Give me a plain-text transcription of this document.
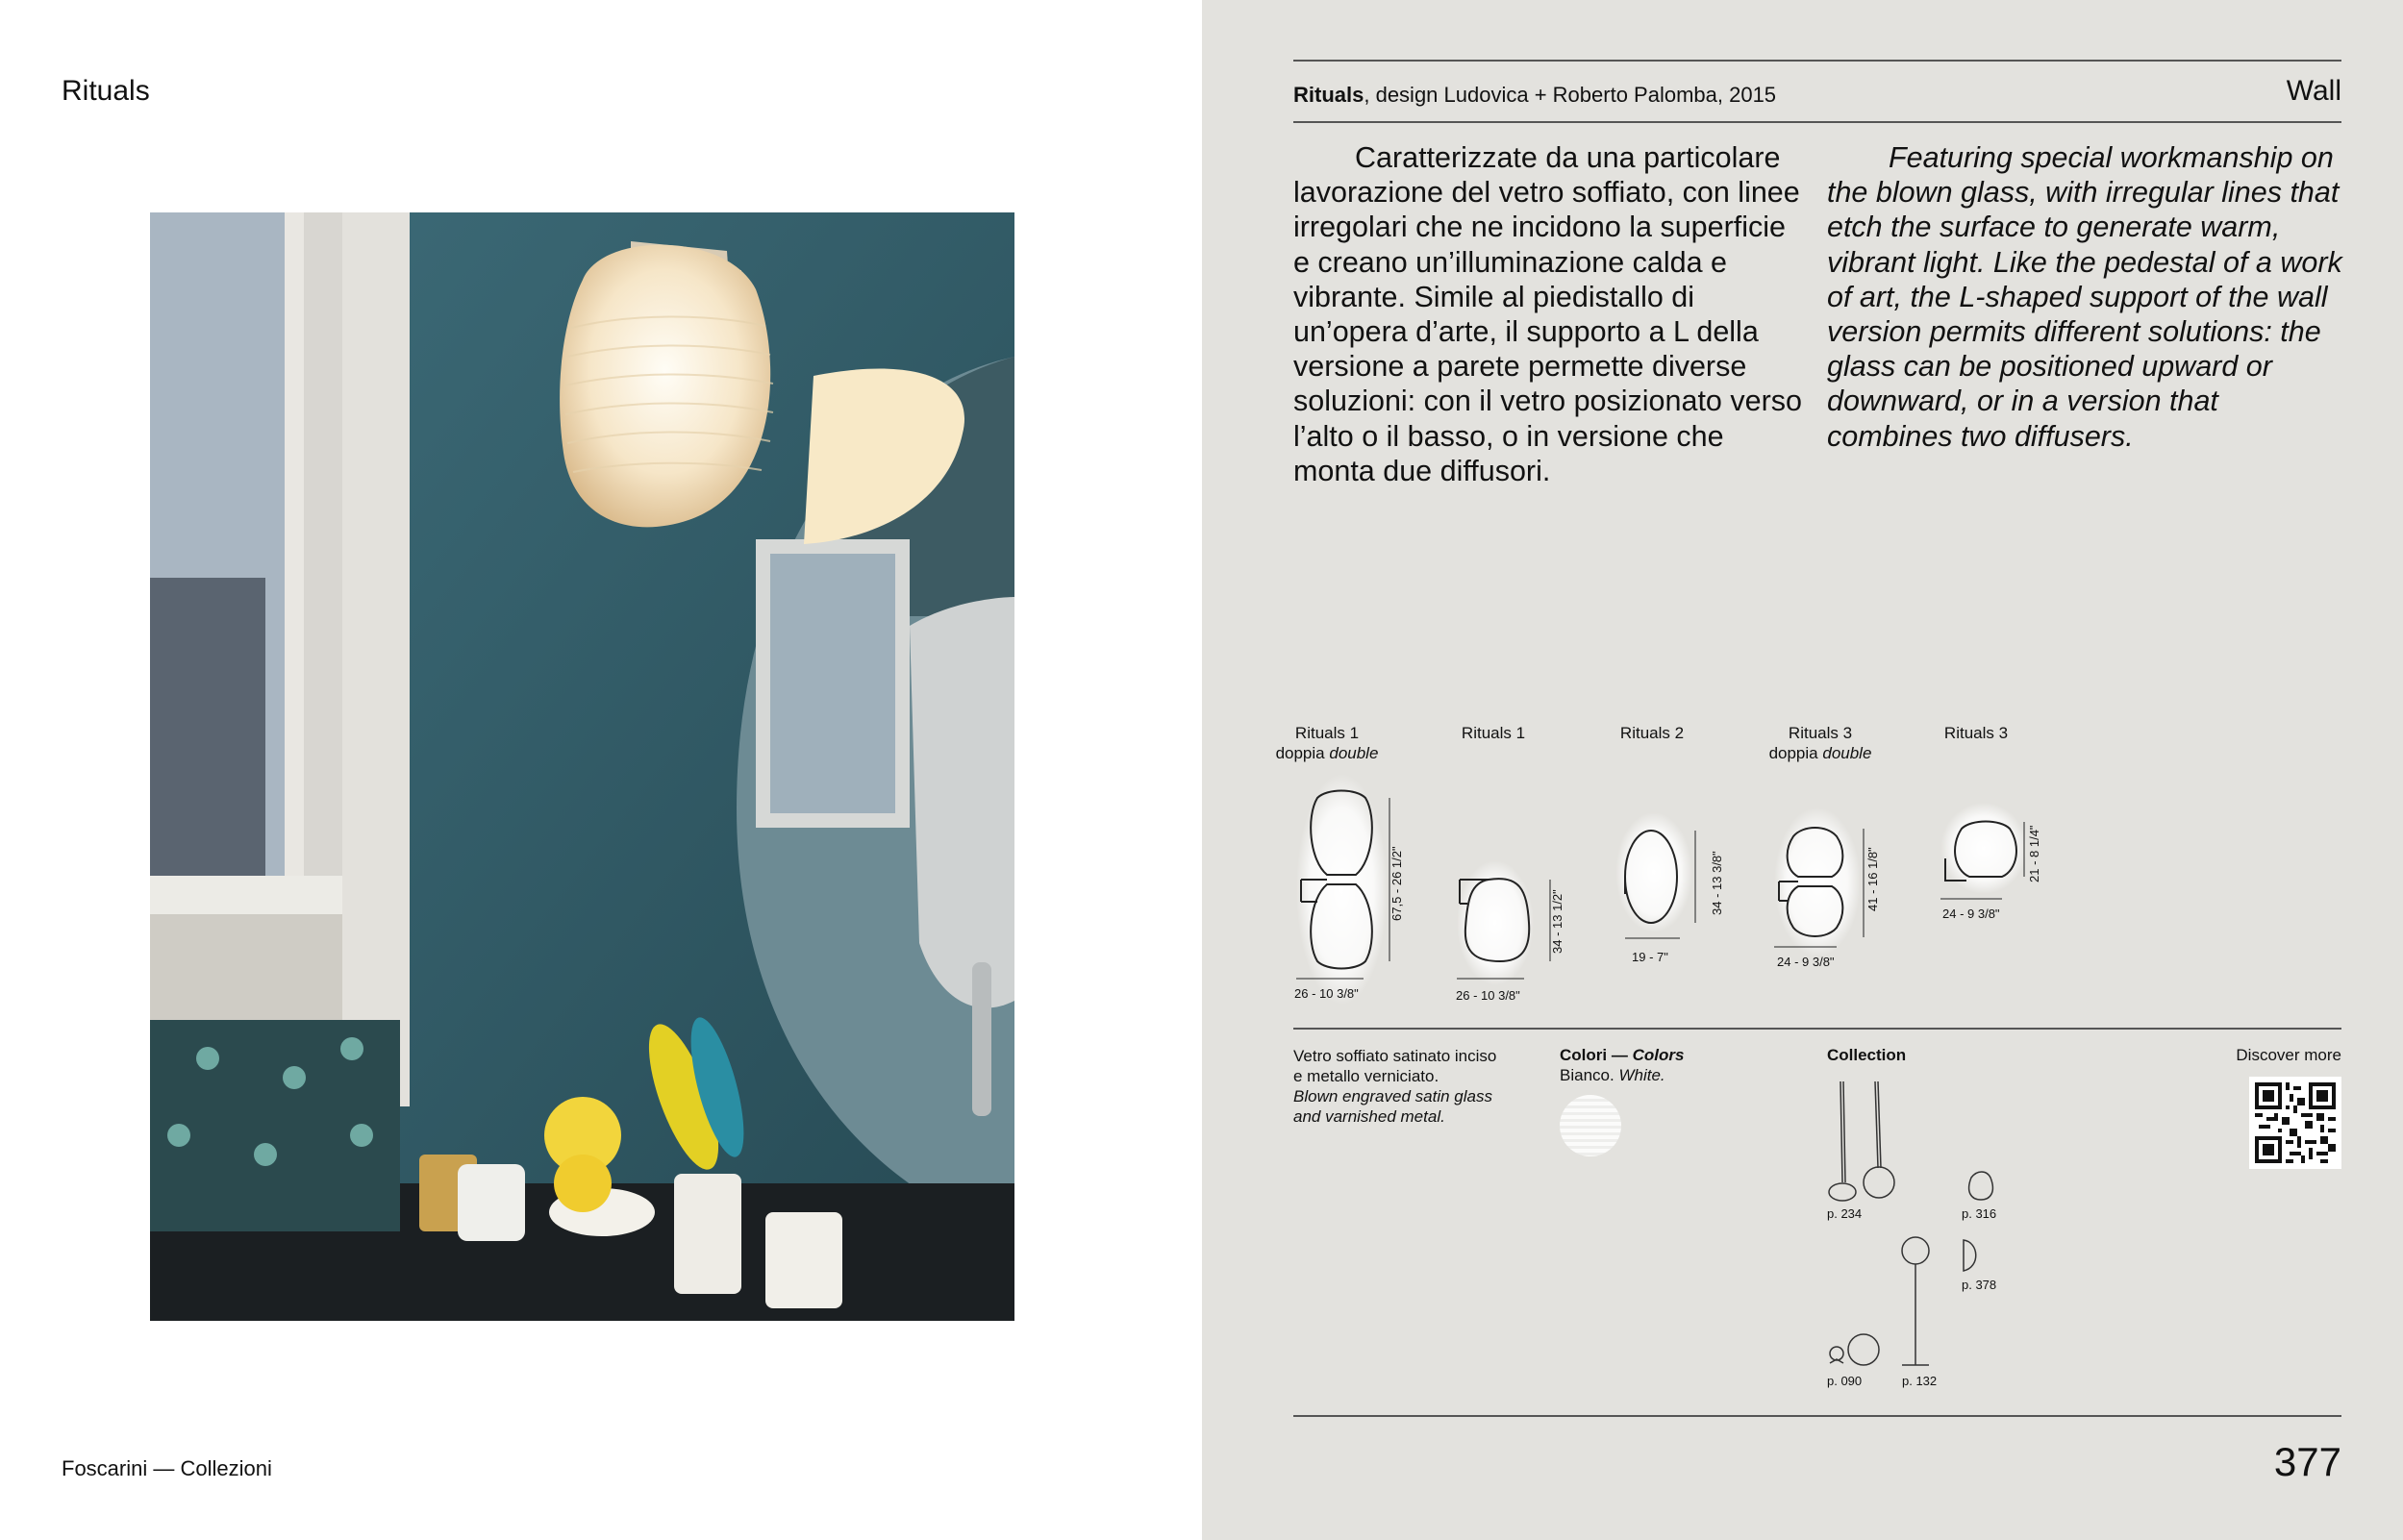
Rituals
Foscarini — Collezioni
Rituals, design Ludovica + Roberto Palomba, 2015	Wall
Caratterizzate da una particolare lavorazione del vetro soffiato, con linee irregolari che ne incidono la superficie e creano un’illuminazione calda e vibrante. Simile al piedistallo di un’opera d’arte, il supporto a L della versione a parete permette diverse soluzioni: con il vetro posizionato verso l’alto o il basso, o in versione che monta due diffusori.
Featuring special workmanship on the blown glass, with irregular lines that etch the surface to generate warm, vibrant light. Like the pedestal of a work of art, the L-shaped support of the wall version permits different solutions: the glass can be positioned upward or downward, or in a version that combines two diffusers.
Rituals 1
doppia double
Rituals 1	Rituals 2	Rituals 3
doppia double
Rituals 3
67,5 - 26 1/2"
26 - 10 3/8"
34 - 13 1/2"
26 - 10 3/8"
34 - 13 3/8"
19 - 7"
41 - 16 1/8"
24 - 9 3/8"
21 - 8 1/4"
24 - 9 3/8"
Vetro soffiato satinato inciso
e metallo verniciato.
Blown engraved satin glass
and varnished metal.
Colori — Colors
Bianco. White.
Collection
p. 234	p. 316
p. 378
p. 090	p. 132
Discover more
377
